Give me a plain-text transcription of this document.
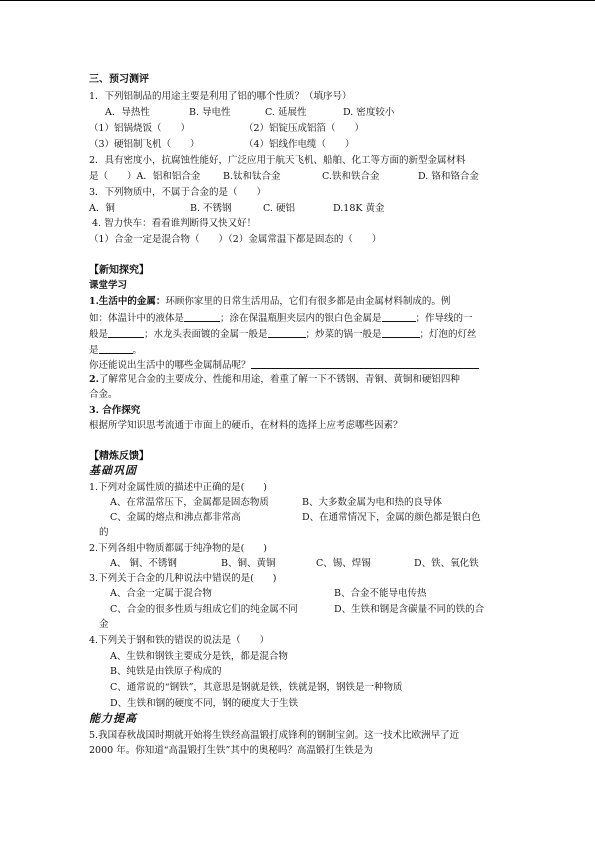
三、预习测评
1．下列铝制品的用途主要是利用了铝的哪个性质？（填序号）
A．导热性	B. 导电性	C. 延展性	D. 密度较小
（1）铝锅烧饭（　　）	（2）铝锭压成铝箔（　　）
（3）硬铝制飞机（　　）	（4）铝线作电缆（　　）
2．具有密度小，抗腐蚀性能好，广泛应用于航天飞机、船舶、化工等方面的新型金属材料
是（　　）A．铝和铝合金 B.钛和钛合金	C.铁和铁合金	D. 铬和铬合金
3．下列物质中，不属于合金的是（　　）
A．铜	B. 不锈钢	C. 硬铝	D.18K 黄金
4. 智力快车：看看谁判断得又快又好！
（1）合金一定是混合物（　　）（2）金属常温下都是固态的（　　）
【新知探究】
课堂学习
1.生活中的金属：环顾你家里的日常生活用品，它们有很多都是由金属材料制成的。例
如：体温计中的液体是	；涂在保温瓶胆夹层内的银白色金属是	；作导线的一
般是	；水龙头表面镀的金属一般是	；炒菜的锅一般是	；灯泡的灯丝
是	。
你还能说出生活中的哪些金属制品呢？
2.了解常见合金的主要成分、性能和用途，着重了解一下不锈钢、青铜、黄铜和硬铝四种
合金。
3. 合作探究
根据所学知识思考流通于市面上的硬币，在材料的选择上应考虑哪些因素？
【精炼反馈】
基础巩固
1.下列对金属性质的描述中正确的是(　　)
A、在常温常压下，金属都是固态物质	B、大多数金属为电和热的良导体
C、金属的熔点和沸点都非常高	D、在通常情况下，金属的颜色都是银白色
的
2.下列各组中物质都属于纯净物的是(　　)
A、 铜、不锈钢	B、铜、黄铜	C、锡、焊锡	D、铁、氧化铁
3.下列关于合金的几种说法中错误的是(　　)
A、合金一定属于混合物	B、合金不能导电传热
C、合金的很多性质与组成它们的纯金属不同	D、生铁和钢是含碳量不同的铁的合
金
4.下列关于钢和铁的错误的说法是（　　）
A、生铁和钢铁主要成分是铁，都是混合物
B、纯铁是由铁原子构成的
C、通常说的“钢铁”，其意思是钢就是铁，铁就是钢，钢铁是一种物质
D、生铁和钢的硬度不同，钢的硬度大于生铁
能力提高
5.我国春秋战国时期就开始将生铁经高温锻打成锋利的钢制宝剑。这一技术比欧洲早了近
2000 年。你知道“高温锻打生铁”其中的奥秘吗？高温锻打生铁是为
